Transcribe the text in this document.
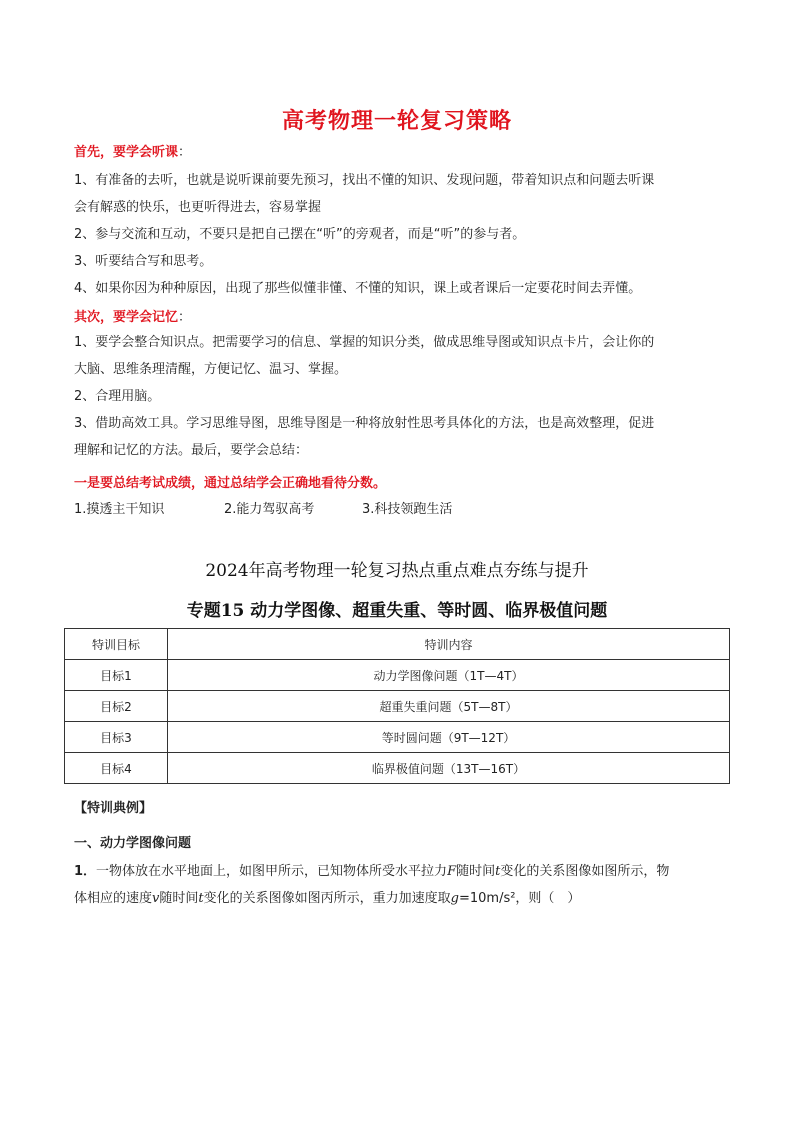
高考物理一轮复习策略
首先，要学会听课：
1、有准备的去听，也就是说听课前要先预习，找出不懂的知识、发现问题，带着知识点和问题去听课
会有解惑的快乐，也更听得进去，容易掌握
2、参与交流和互动，不要只是把自己摆在“听”的旁观者，而是“听”的参与者。
3、听要结合写和思考。
4、如果你因为种种原因，出现了那些似懂非懂、不懂的知识，课上或者课后一定要花时间去弄懂。
其次，要学会记忆：
1、要学会整合知识点。把需要学习的信息、掌握的知识分类，做成思维导图或知识点卡片，会让你的
大脑、思维条理清醒，方便记忆、温习、掌握。
2、合理用脑。
3、借助高效工具。学习思维导图，思维导图是一种将放射性思考具体化的方法，也是高效整理，促进
理解和记忆的方法。最后，要学会总结：
一是要总结考试成绩，通过总结学会正确地看待分数。
1.摸透主干知识	2.能力驾驭高考	3.科技领跑生活
2024年高考物理一轮复习热点重点难点夯练与提升
专题15 动力学图像、超重失重、等时圆、临界极值问题
特训目标	特训内容
目标1	动力学图像问题（1T—4T）
目标2	超重失重问题（5T—8T）
目标3	等时圆问题（9T—12T）
目标4	临界极值问题（13T—16T）
【特训典例】
一、动力学图像问题
1．一物体放在水平地面上，如图甲所示，已知物体所受水平拉力F随时间t变化的关系图像如图所示，物
体相应的速度v随时间t变化的关系图像如图丙所示，重力加速度取g=10m/s²，则（　）
